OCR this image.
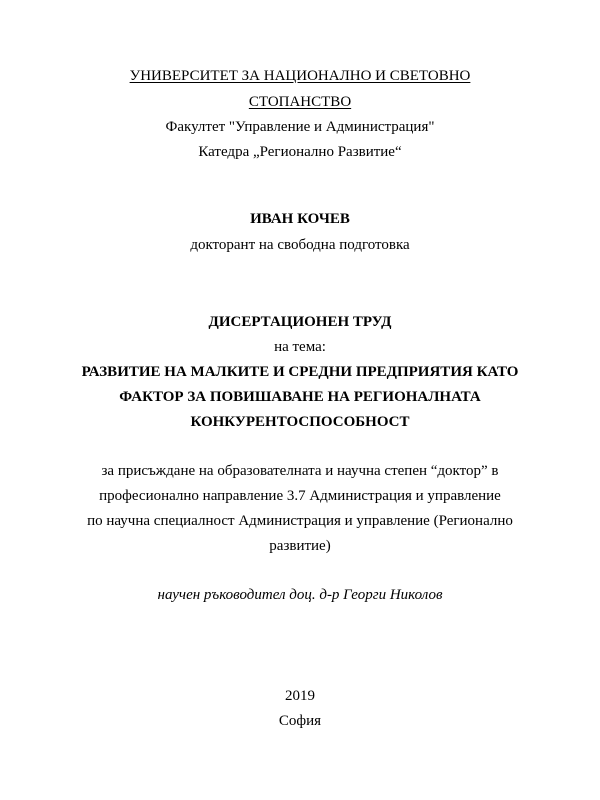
УНИВЕРСИТЕТ ЗА НАЦИОНАЛНО И СВЕТОВНО
СТОПАНСТВО
Факултет "Управление и Администрация"
Катедра „Регионално Развитие“
ИВАН КОЧЕВ
докторант на свободна подготовка
ДИСЕРТАЦИОНЕН ТРУД
на тема:
РАЗВИТИЕ НА МАЛКИТЕ И СРЕДНИ ПРЕДПРИЯТИЯ КАТО
ФАКТОР ЗА ПОВИШАВАНЕ НА РЕГИОНАЛНАТА
КОНКУРЕНТОСПОСОБНОСТ
за присъждане на образователната и научна степен “доктор” в
професионално направление 3.7 Администрация и управление
по научна специалност Администрация и управление (Регионално
развитие)
научен ръководител доц. д-р Георги Николов
2019
София
